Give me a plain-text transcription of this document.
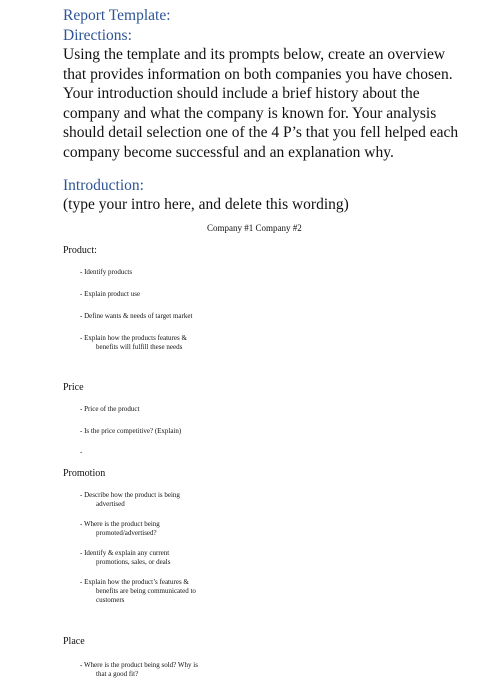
Report Template:
Directions:
Using the template and its prompts below, create an overview
that provides information on both companies you have chosen.
Your introduction should include a brief history about the
company and what the company is known for. Your analysis
should detail selection one of the 4 P’s that you fell helped each
company become successful and an explanation why.
Introduction:
(type your intro here, and delete this wording)
Company #1 Company #2
Product:
- Identify products
- Explain product use
- Define wants & needs of target market
- Explain how the products features &
benefits will fulfill these needs
Price
- Price of the product
- Is the price competitive? (Explain)
-
Promotion
- Describe how the product is being
advertised
- Where is the product being
promoted/advertised?
- Identify & explain any current
promotions, sales, or deals
- Explain how the product’s features &
benefits are being communicated to
customers
Place
- Where is the product being sold? Why is
that a good fit?
